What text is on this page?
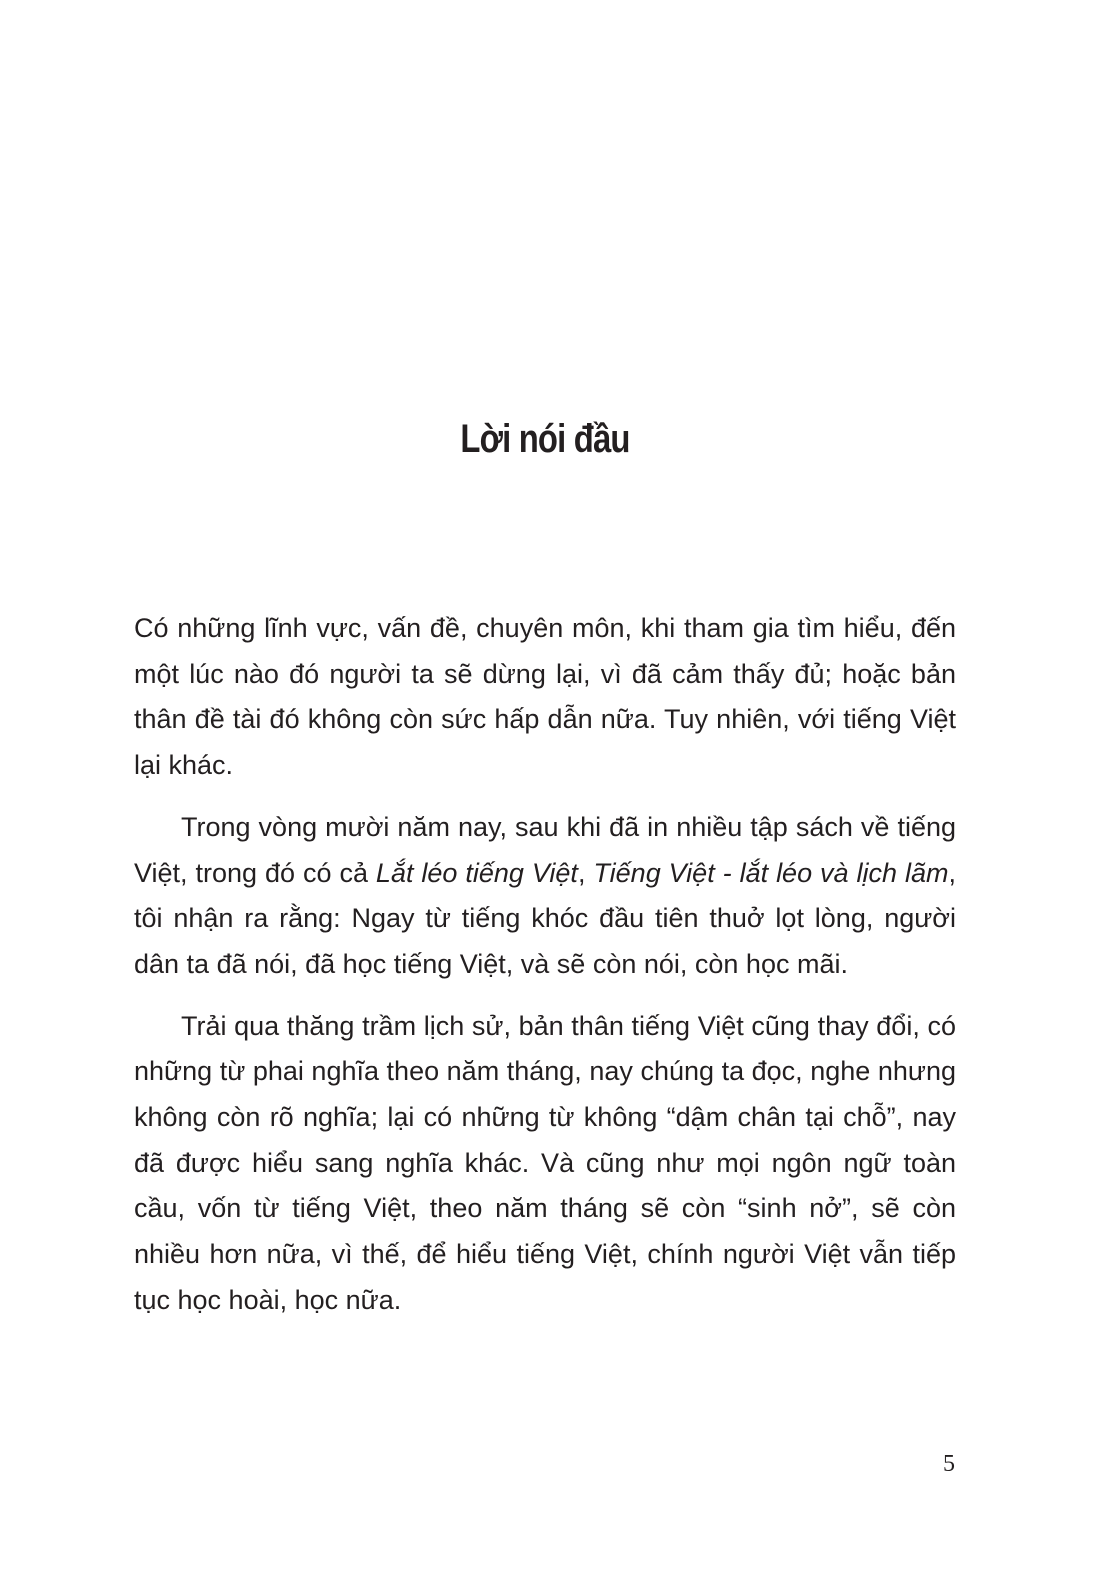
Lời nói đầu

Có những lĩnh vực, vấn đề, chuyên môn, khi tham gia tìm hiểu, đến một lúc nào đó người ta sẽ dừng lại, vì đã cảm thấy đủ; hoặc bản thân đề tài đó không còn sức hấp dẫn nữa. Tuy nhiên, với tiếng Việt lại khác.

Trong vòng mười năm nay, sau khi đã in nhiều tập sách về tiếng Việt, trong đó có cả Lắt léo tiếng Việt, Tiếng Việt - lắt léo và lịch lãm, tôi nhận ra rằng: Ngay từ tiếng khóc đầu tiên thuở lọt lòng, người dân ta đã nói, đã học tiếng Việt, và sẽ còn nói, còn học mãi.

Trải qua thăng trầm lịch sử, bản thân tiếng Việt cũng thay đổi, có những từ phai nghĩa theo năm tháng, nay chúng ta đọc, nghe nhưng không còn rõ nghĩa; lại có những từ không “dậm chân tại chỗ”, nay đã được hiểu sang nghĩa khác. Và cũng như mọi ngôn ngữ toàn cầu, vốn từ tiếng Việt, theo năm tháng sẽ còn “sinh nở”, sẽ còn nhiều hơn nữa, vì thế, để hiểu tiếng Việt, chính người Việt vẫn tiếp tục học hoài, học nữa.

5
